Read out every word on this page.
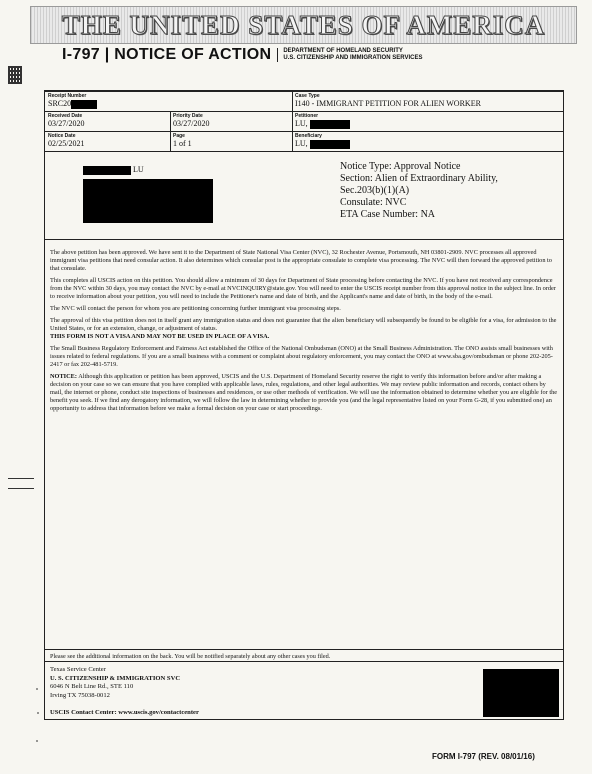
THE UNITED STATES OF AMERICA
I-797 | NOTICE OF ACTION	DEPARTMENT OF HOMELAND SECURITY
U.S. CITIZENSHIP AND IMMIGRATION SERVICES
Receipt Number
SRC20
Case Type
I140 - IMMIGRANT PETITION FOR ALIEN WORKER
Received Date
03/27/2020
Priority Date
03/27/2020
Petitioner
LU,
Notice Date
02/25/2021
Page
1 of 1
Beneficiary
LU,
LU	Notice Type: Approval Notice
Section: Alien of Extraordinary Ability,
Sec.203(b)(1)(A)
Consulate: NVC
ETA Case Number: NA

The above petition has been approved. We have sent it to the Department of State National Visa Center (NVC), 32 Rochester Avenue, Portsmouth, NH 03801-2909. NVC processes all approved immigrant visa petitions that need consular action. It also determines which consular post is the appropriate consulate to complete visa processing. The NVC will then forward the approved petition to that consulate.

This completes all USCIS action on this petition. You should allow a minimum of 30 days for Department of State processing before contacting the NVC. If you have not received any correspondence from the NVC within 30 days, you may contact the NVC by e-mail at NVCINQUIRY@state.gov. You will need to enter the USCIS receipt number from this approval notice in the subject line. In order to receive information about your petition, you will need to include the Petitioner's name and date of birth, and the Applicant's name and date of birth, in the body of the e-mail.

The NVC will contact the person for whom you are petitioning concerning further immigrant visa processing steps.

The approval of this visa petition does not in itself grant any immigration status and does not guarantee that the alien beneficiary will subsequently be found to be eligible for a visa, for admission to the United States, or for an extension, change, or adjustment of status.

THIS FORM IS NOT A VISA AND MAY NOT BE USED IN PLACE OF A VISA.

The Small Business Regulatory Enforcement and Fairness Act established the Office of the National Ombudsman (ONO) at the Small Business Administration. The ONO assists small businesses with issues related to federal regulations. If you are a small business with a comment or complaint about regulatory enforcement, you may contact the ONO at www.sba.gov/ombudsman or phone 202-205-2417 or fax 202-481-5719.

NOTICE: Although this application or petition has been approved, USCIS and the U.S. Department of Homeland Security reserve the right to verify this information before and/or after making a decision on your case so we can ensure that you have complied with applicable laws, rules, regulations, and other legal authorities. We may review public information and records, contact others by mail, the internet or phone, conduct site inspections of businesses and residences, or use other methods of verification. We will use the information obtained to determine whether you are eligible for the benefit you seek. If we find any derogatory information, we will follow the law in determining whether to provide you (and the legal representative listed on your Form G-28, if you submitted one) an opportunity to address that information before we make a formal decision on your case or start proceedings.

Please see the additional information on the back. You will be notified separately about any other cases you filed.
Texas Service Center
U. S. CITIZENSHIP & IMMIGRATION SVC
6046 N Belt Line Rd., STE 110
Irving TX 75038-0012
USCIS Contact Center: www.uscis.gov/contactcenter
FORM I-797 (REV. 08/01/16)
